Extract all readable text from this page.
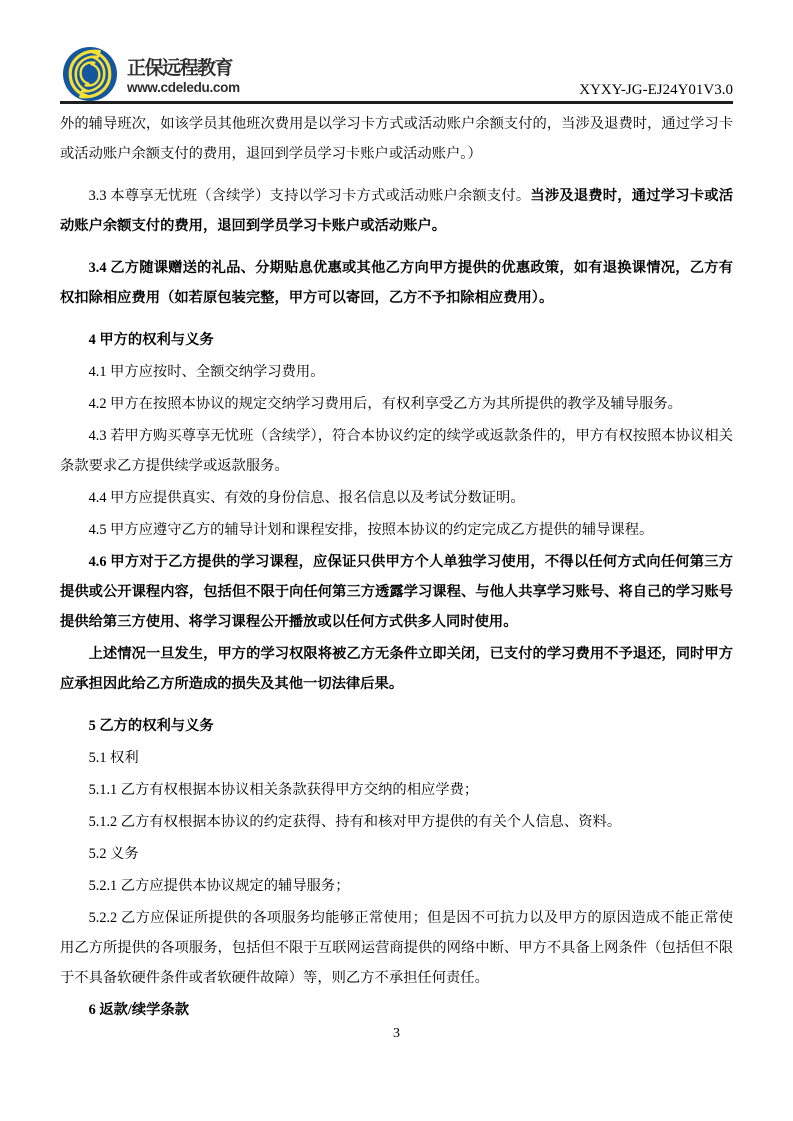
正保远程教育
www.cdeledu.com	XYXY-JG-EJ24Y01V3.0

外的辅导班次，如该学员其他班次费用是以学习卡方式或活动账户余额支付的，当涉及退费时，通过学习卡或活动账户余额支付的费用，退回到学员学习卡账户或活动账户。）

3.3 本尊享无忧班（含续学）支持以学习卡方式或活动账户余额支付。当涉及退费时，通过学习卡或活动账户余额支付的费用，退回到学员学习卡账户或活动账户。

3.4 乙方随课赠送的礼品、分期贴息优惠或其他乙方向甲方提供的优惠政策，如有退换课情况，乙方有权扣除相应费用（如若原包装完整，甲方可以寄回，乙方不予扣除相应费用）。

4 甲方的权利与义务

4.1 甲方应按时、全额交纳学习费用。

4.2 甲方在按照本协议的规定交纳学习费用后，有权利享受乙方为其所提供的教学及辅导服务。

4.3 若甲方购买尊享无忧班（含续学），符合本协议约定的续学或返款条件的，甲方有权按照本协议相关条款要求乙方提供续学或返款服务。

4.4 甲方应提供真实、有效的身份信息、报名信息以及考试分数证明。

4.5 甲方应遵守乙方的辅导计划和课程安排，按照本协议的约定完成乙方提供的辅导课程。

4.6 甲方对于乙方提供的学习课程，应保证只供甲方个人单独学习使用，不得以任何方式向任何第三方提供或公开课程内容，包括但不限于向任何第三方透露学习课程、与他人共享学习账号、将自己的学习账号提供给第三方使用、将学习课程公开播放或以任何方式供多人同时使用。

上述情况一旦发生，甲方的学习权限将被乙方无条件立即关闭，已支付的学习费用不予退还，同时甲方应承担因此给乙方所造成的损失及其他一切法律后果。

5 乙方的权利与义务

5.1 权利

5.1.1 乙方有权根据本协议相关条款获得甲方交纳的相应学费；

5.1.2 乙方有权根据本协议的约定获得、持有和核对甲方提供的有关个人信息、资料。

5.2 义务

5.2.1 乙方应提供本协议规定的辅导服务；

5.2.2 乙方应保证所提供的各项服务均能够正常使用；但是因不可抗力以及甲方的原因造成不能正常使用乙方所提供的各项服务，包括但不限于互联网运营商提供的网络中断、甲方不具备上网条件（包括但不限于不具备软硬件条件或者软硬件故障）等，则乙方不承担任何责任。

6 返款/续学条款

3
